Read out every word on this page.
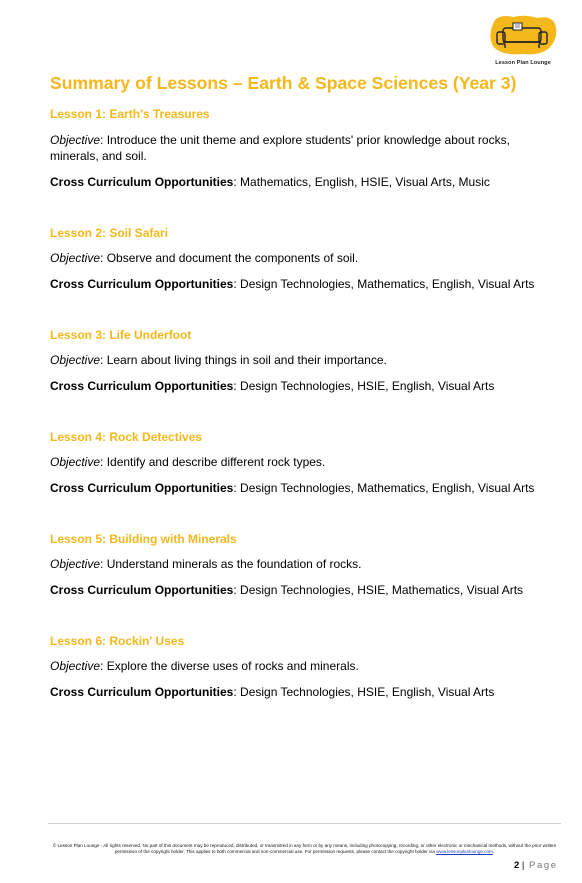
Lesson Plan Lounge
Summary of Lessons – Earth & Space Sciences (Year 3)
Lesson 1: Earth's Treasures
Objective: Introduce the unit theme and explore students' prior knowledge about rocks, minerals, and soil.
Cross Curriculum Opportunities: Mathematics, English, HSIE, Visual Arts, Music
Lesson 2: Soil Safari
Objective: Observe and document the components of soil.
Cross Curriculum Opportunities: Design Technologies, Mathematics, English, Visual Arts
Lesson 3: Life Underfoot
Objective: Learn about living things in soil and their importance.
Cross Curriculum Opportunities: Design Technologies, HSIE, English, Visual Arts
Lesson 4: Rock Detectives
Objective: Identify and describe different rock types.
Cross Curriculum Opportunities: Design Technologies, Mathematics, English, Visual Arts
Lesson 5: Building with Minerals
Objective: Understand minerals as the foundation of rocks.
Cross Curriculum Opportunities: Design Technologies, HSIE, Mathematics, Visual Arts
Lesson 6: Rockin' Uses
Objective: Explore the diverse uses of rocks and minerals.
Cross Curriculum Opportunities: Design Technologies, HSIE, English, Visual Arts
© Lesson Plan Lounge - All rights reserved. No part of this document may be reproduced, distributed, or transmitted in any form or by any means, including photocopying, recording, or other electronic or mechanical methods, without the prior written permission of the copyright holder. This applies to both commercial and non-commercial use. For permission requests, please contact the copyright holder via www.lessonplanlounge.com.
2 | Page
